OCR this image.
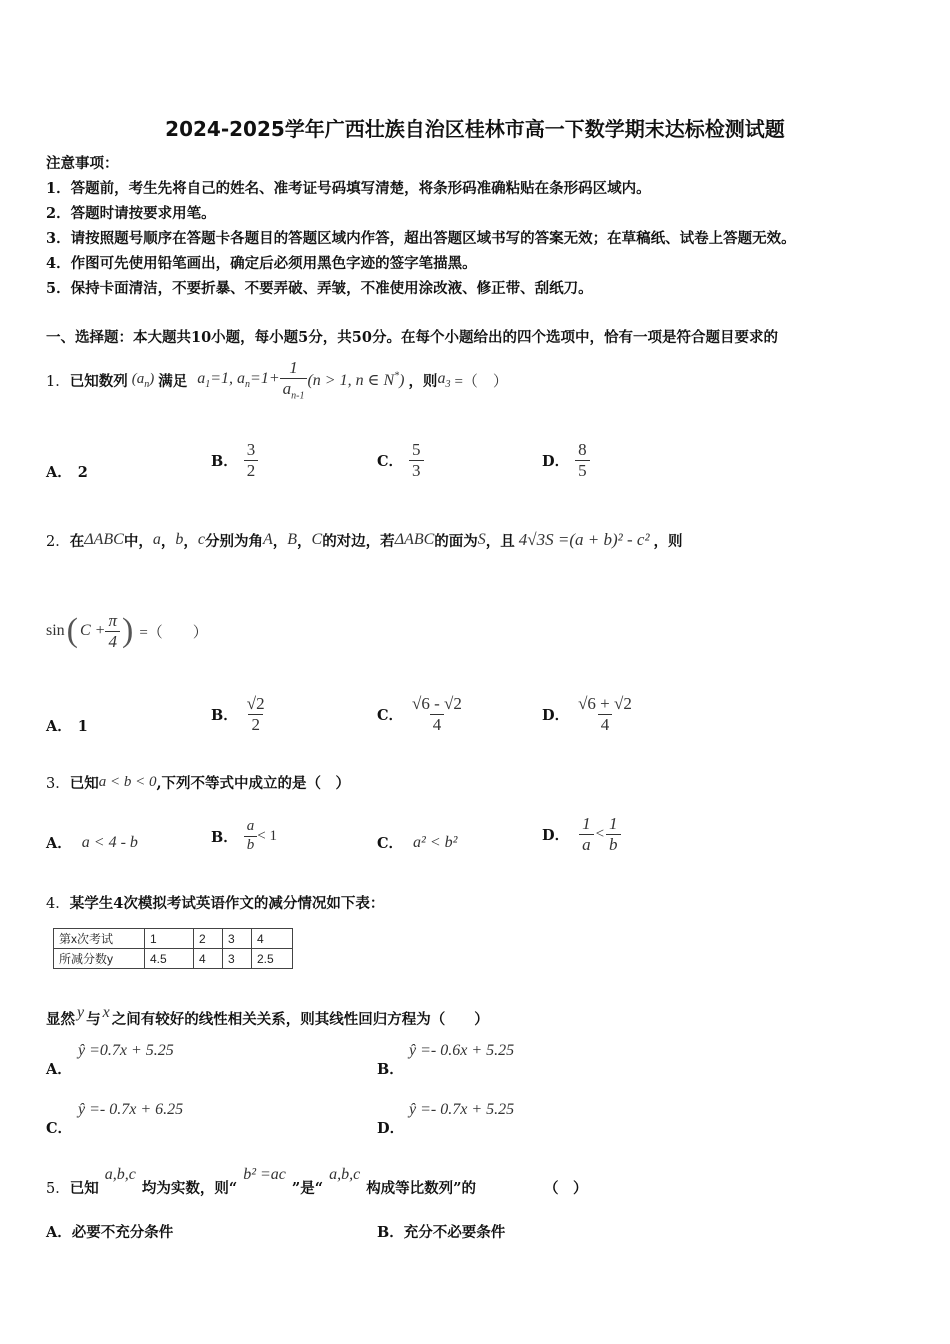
2024-2025学年广西壮族自治区桂林市高一下数学期末达标检测试题
注意事项：
1．答题前，考生先将自己的姓名、准考证号码填写清楚，将条形码准确粘贴在条形码区域内。
2．答题时请按要求用笔。
3．请按照题号顺序在答题卡各题目的答题区域内作答，超出答题区域书写的答案无效；在草稿纸、试卷上答题无效。
4．作图可先使用铅笔画出，确定后必须用黑色字迹的签字笔描黑。
5．保持卡面清洁，不要折暴、不要弄破、弄皱，不准使用涂改液、修正带、刮纸刀。
一、选择题：本大题共10小题，每小题5分，共50分。在每个小题给出的四个选项中，恰有一项是符合题目要求的
1． 已知数列 $(a_n)$ 满足 $a_1=1$, $a_n=1+ \frac{1}{a_{n-1}} (n > 1$, n ∈ N*) ，则 $a_3$ =（　）
A． 2
B． $\frac{3}{2}$	C． $\frac{5}{3}$	D． $\frac{8}{5}$
2． 在 ΔABC 中， a ， b ， c 分别为角 A ， B ， C 的对边，若 ΔABC 的面为 S ，且 4√3S =(a + b)² - c² ，则
sin ( $C + \frac{\pi}{4}$ ) =（　　）
A． 1
B． $\frac{√2}{2}$	C． $\frac{√6 - √2}{4}$	D． $\frac{√6 + √2}{4}$
3． 已知 a < b < 0 ,下列不等式中成立的是（　）
A． a < 4 - b	B． $\frac{a}{b} < 1$	C． a² < b²	D． $\frac{1}{a} < \frac{1}{b}$
4．某学生4次模拟考试英语作文的减分情况如下表：
第x次考试	1	2	3	4
所减分数y	4.5	4	3	2.5
显然 y 与 x 之间有较好的线性相关关系，则其线性回归方程为（　　）
A．
ŷ =0.7x + 5.25
B．
ŷ =- 0.6x + 5.25
C．
ŷ =- 0.7x + 6.25
D．
ŷ =- 0.7x + 5.25
5． 已知
a,b,c
均为实数，则“
b² =ac
”是“
a,b,c
构成等比数列”的	（　）
A．必要不充分条件	B．充分不必要条件
